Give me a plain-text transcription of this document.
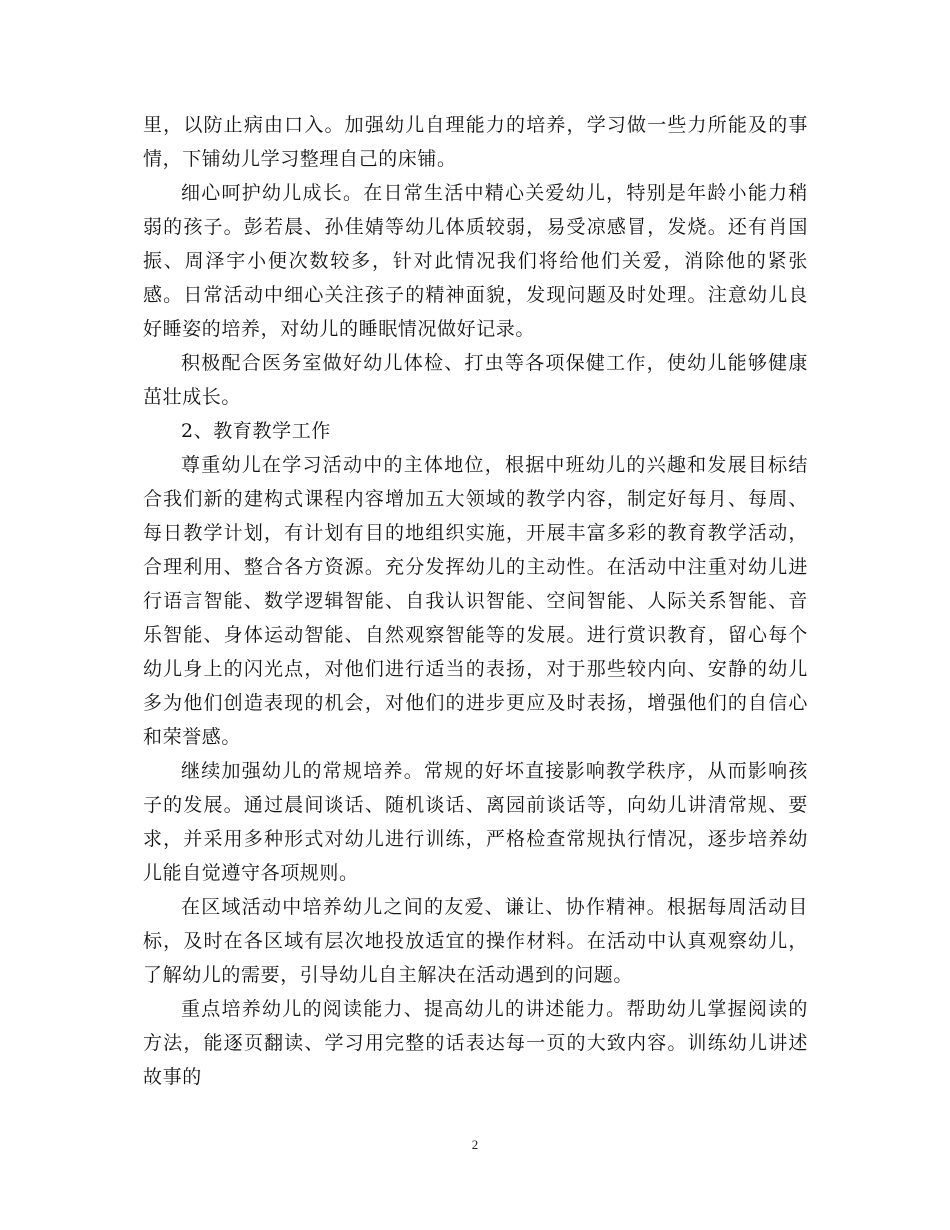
里，以防止病由口入。加强幼儿自理能力的培养，学习做一些力所能及的事情，下铺幼儿学习整理自己的床铺。

细心呵护幼儿成长。在日常生活中精心关爱幼儿，特别是年龄小能力稍弱的孩子。彭若晨、孙佳婧等幼儿体质较弱，易受凉感冒，发烧。还有肖国振、周泽宇小便次数较多，针对此情况我们将给他们关爱，消除他的紧张感。日常活动中细心关注孩子的精神面貌，发现问题及时处理。注意幼儿良好睡姿的培养，对幼儿的睡眠情况做好记录。

积极配合医务室做好幼儿体检、打虫等各项保健工作，使幼儿能够健康茁壮成长。

2、教育教学工作

尊重幼儿在学习活动中的主体地位，根据中班幼儿的兴趣和发展目标结合我们新的建构式课程内容增加五大领域的教学内容，制定好每月、每周、每日教学计划，有计划有目的地组织实施，开展丰富多彩的教育教学活动，合理利用、整合各方资源。充分发挥幼儿的主动性。在活动中注重对幼儿进行语言智能、数学逻辑智能、自我认识智能、空间智能、人际关系智能、音乐智能、身体运动智能、自然观察智能等的发展。进行赏识教育，留心每个幼儿身上的闪光点，对他们进行适当的表扬，对于那些较内向、安静的幼儿多为他们创造表现的机会，对他们的进步更应及时表扬，增强他们的自信心和荣誉感。

继续加强幼儿的常规培养。常规的好坏直接影响教学秩序，从而影响孩子的发展。通过晨间谈话、随机谈话、离园前谈话等，向幼儿讲清常规、要求，并采用多种形式对幼儿进行训练，严格检查常规执行情况，逐步培养幼儿能自觉遵守各项规则。

在区域活动中培养幼儿之间的友爱、谦让、协作精神。根据每周活动目标，及时在各区域有层次地投放适宜的操作材料。在活动中认真观察幼儿，了解幼儿的需要，引导幼儿自主解决在活动遇到的问题。

重点培养幼儿的阅读能力、提高幼儿的讲述能力。帮助幼儿掌握阅读的方法，能逐页翻读、学习用完整的话表达每一页的大致内容。训练幼儿讲述故事的

2
